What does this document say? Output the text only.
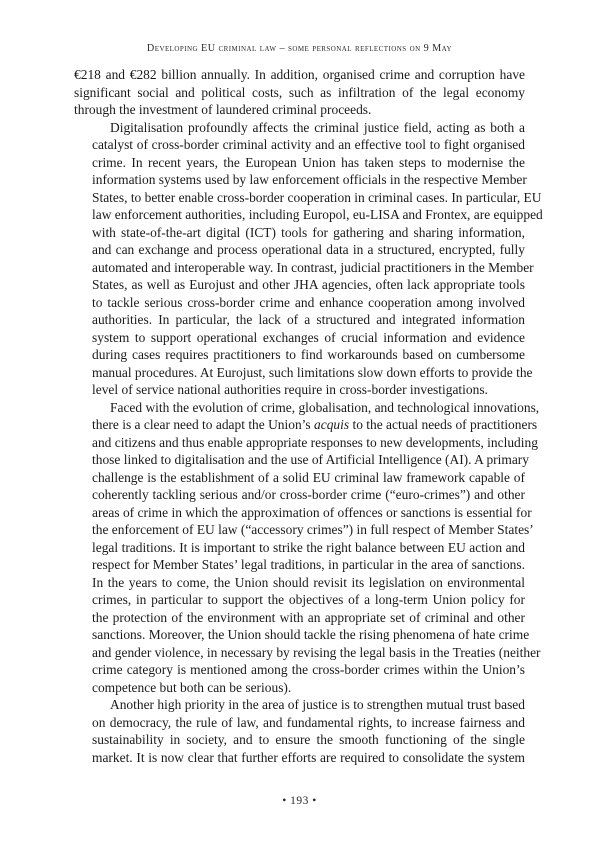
Developing EU criminal law – some personal reflections on 9 May

€218 and €282 billion annually. In addition, organised crime and corruption have
significant social and political costs, such as infiltration of the legal economy
through the investment of laundered criminal proceeds.

Digitalisation profoundly affects the criminal justice field, acting as both a
catalyst of cross-border criminal activity and an effective tool to fight organised
crime. In recent years, the European Union has taken steps to modernise the
information systems used by law enforcement officials in the respective Member
States, to better enable cross-border cooperation in criminal cases. In particular, EU
law enforcement authorities, including Europol, eu-LISA and Frontex, are equipped
with state-of-the-art digital (ICT) tools for gathering and sharing information,
and can exchange and process operational data in a structured, encrypted, fully
automated and interoperable way. In contrast, judicial practitioners in the Member
States, as well as Eurojust and other JHA agencies, often lack appropriate tools
to tackle serious cross-border crime and enhance cooperation among involved
authorities. In particular, the lack of a structured and integrated information
system to support operational exchanges of crucial information and evidence
during cases requires practitioners to find workarounds based on cumbersome
manual procedures. At Eurojust, such limitations slow down efforts to provide the
level of service national authorities require in cross-border investigations.

Faced with the evolution of crime, globalisation, and technological innovations,
there is a clear need to adapt the Union’s acquis to the actual needs of practitioners
and citizens and thus enable appropriate responses to new developments, including
those linked to digitalisation and the use of Artificial Intelligence (AI). A primary
challenge is the establishment of a solid EU criminal law framework capable of
coherently tackling serious and/or cross-border crime (“euro-crimes”) and other
areas of crime in which the approximation of offences or sanctions is essential for
the enforcement of EU law (“accessory crimes”) in full respect of Member States’
legal traditions. It is important to strike the right balance between EU action and
respect for Member States’ legal traditions, in particular in the area of sanctions.
In the years to come, the Union should revisit its legislation on environmental
crimes, in particular to support the objectives of a long-term Union policy for
the protection of the environment with an appropriate set of criminal and other
sanctions. Moreover, the Union should tackle the rising phenomena of hate crime
and gender violence, in necessary by revising the legal basis in the Treaties (neither
crime category is mentioned among the cross-border crimes within the Union’s
competence but both can be serious).

Another high priority in the area of justice is to strengthen mutual trust based
on democracy, the rule of law, and fundamental rights, to increase fairness and
sustainability in society, and to ensure the smooth functioning of the single
market. It is now clear that further efforts are required to consolidate the system

• 193 •
